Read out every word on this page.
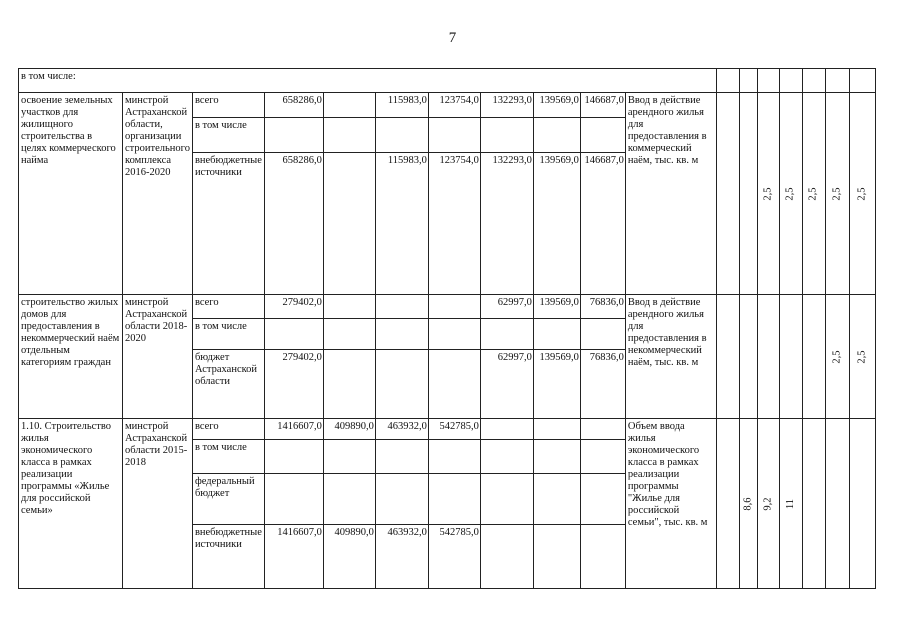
7
в том числе:																	
освоение земельных участков для жилищного строительства в целях коммерческого найма	минстрой Астраханской области, организации строительного комплекса 2016-2020	всего	658286,0		115983,0	123754,0	132293,0	139569,0	146687,0	Ввод в действие арендного жилья для предоставления в коммерческий наём, тыс. кв. м			2,5	2,5	2,5	2,5	2,5
		в том числе															
		внебюджетные источники	658286,0		115983,0	123754,0	132293,0	139569,0	146687,0								
строительство жилых домов для предоставления в некоммерческий наём отдельным категориям граждан	минстрой Астраханской области 2018-2020	всего	279402,0				62997,0	139569,0	76836,0	Ввод в действие арендного жилья для предоставления в некоммерческий наём, тыс. кв. м						2,5	2,5
		в том числе															
		бюджет Астраханской области	279402,0				62997,0	139569,0	76836,0								
1.10. Строительство жилья экономического класса в рамках реализации программы «Жилье для российской семьи»	минстрой Астраханской области 2015-2018	всего	1416607,0	409890,0	463932,0	542785,0				Объем ввода жилья экономического класса в рамках реализации программы "Жилье для российской семьи", тыс. кв. м		8,6	9,2	11			
		в том числе															
		федеральный бюджет															
		внебюджетные источники	1416607,0	409890,0	463932,0	542785,0											
